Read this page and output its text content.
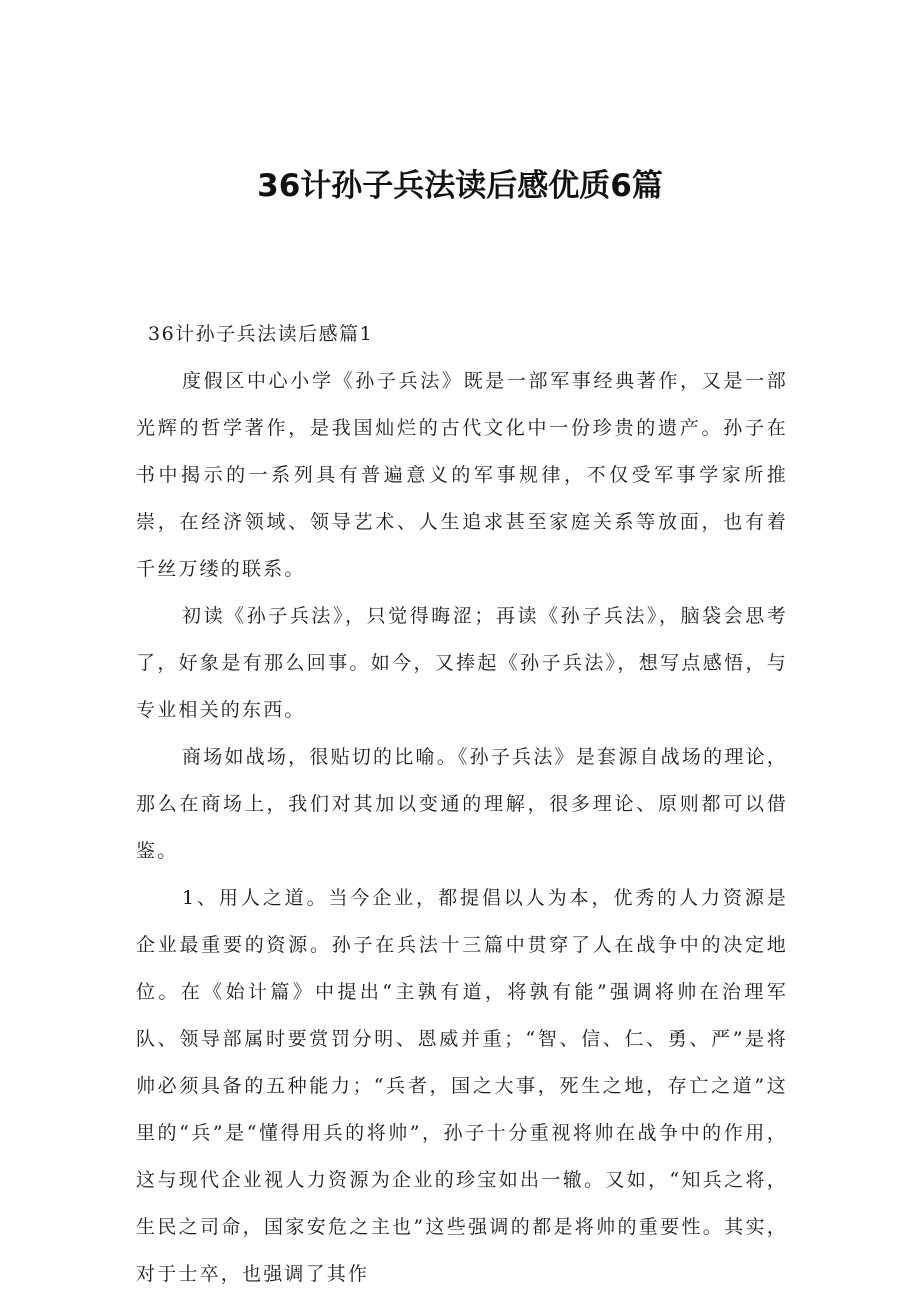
36计孙子兵法读后感优质6篇

36计孙子兵法读后感篇1

度假区中心小学《孙子兵法》既是一部军事经典著作，又是一部光辉的哲学著作，是我国灿烂的古代文化中一份珍贵的遗产。孙子在书中揭示的一系列具有普遍意义的军事规律，不仅受军事学家所推崇，在经济领域、领导艺术、人生追求甚至家庭关系等放面，也有着千丝万缕的联系。

初读《孙子兵法》，只觉得晦涩；再读《孙子兵法》，脑袋会思考了，好象是有那么回事。如今，又捧起《孙子兵法》，想写点感悟，与专业相关的东西。

商场如战场，很贴切的比喻。《孙子兵法》是套源自战场的理论，那么在商场上，我们对其加以变通的理解，很多理论、原则都可以借鉴。

1、用人之道。当今企业，都提倡以人为本，优秀的人力资源是企业最重要的资源。孙子在兵法十三篇中贯穿了人在战争中的决定地位。在《始计篇》中提出“主孰有道，将孰有能”强调将帅在治理军队、领导部属时要赏罚分明、恩威并重；“智、信、仁、勇、严”是将帅必须具备的五种能力；“兵者，国之大事，死生之地，存亡之道”这里的“兵”是“懂得用兵的将帅”，孙子十分重视将帅在战争中的作用，这与现代企业视人力资源为企业的珍宝如出一辙。又如，“知兵之将，生民之司命，国家安危之主也”这些强调的都是将帅的重要性。其实，对于士卒，也强调了其作
